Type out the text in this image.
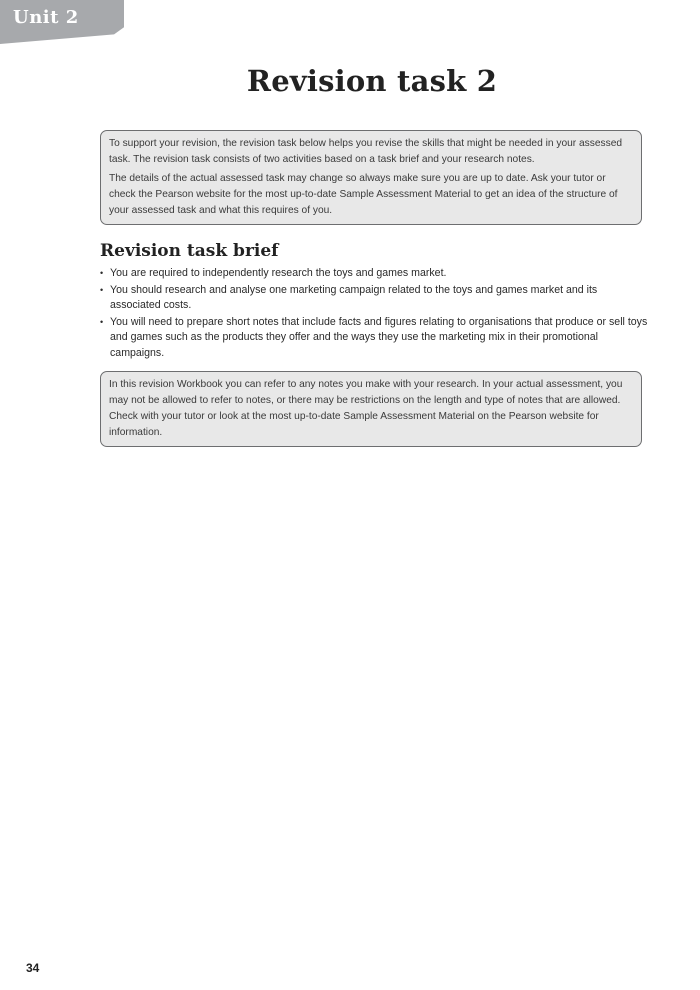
Unit 2
Revision task 2

To support your revision, the revision task below helps you revise the skills that might be needed in your assessed task. The revision task consists of two activities based on a task brief and your research notes.

The details of the actual assessed task may change so always make sure you are up to date. Ask your tutor or check the Pearson website for the most up-to-date Sample Assessment Material to get an idea of the structure of your assessed task and what this requires of you.

Revision task brief
• You are required to independently research the toys and games market.
• You should research and analyse one marketing campaign related to the toys and games market and its associated costs.
• You will need to prepare short notes that include facts and figures relating to organisations that produce or sell toys and games such as the products they offer and the ways they use the marketing mix in their promotional campaigns.

In this revision Workbook you can refer to any notes you make with your research. In your actual assessment, you may not be allowed to refer to notes, or there may be restrictions on the length and type of notes that are allowed. Check with your tutor or look at the most up-to-date Sample Assessment Material on the Pearson website for information.

34
